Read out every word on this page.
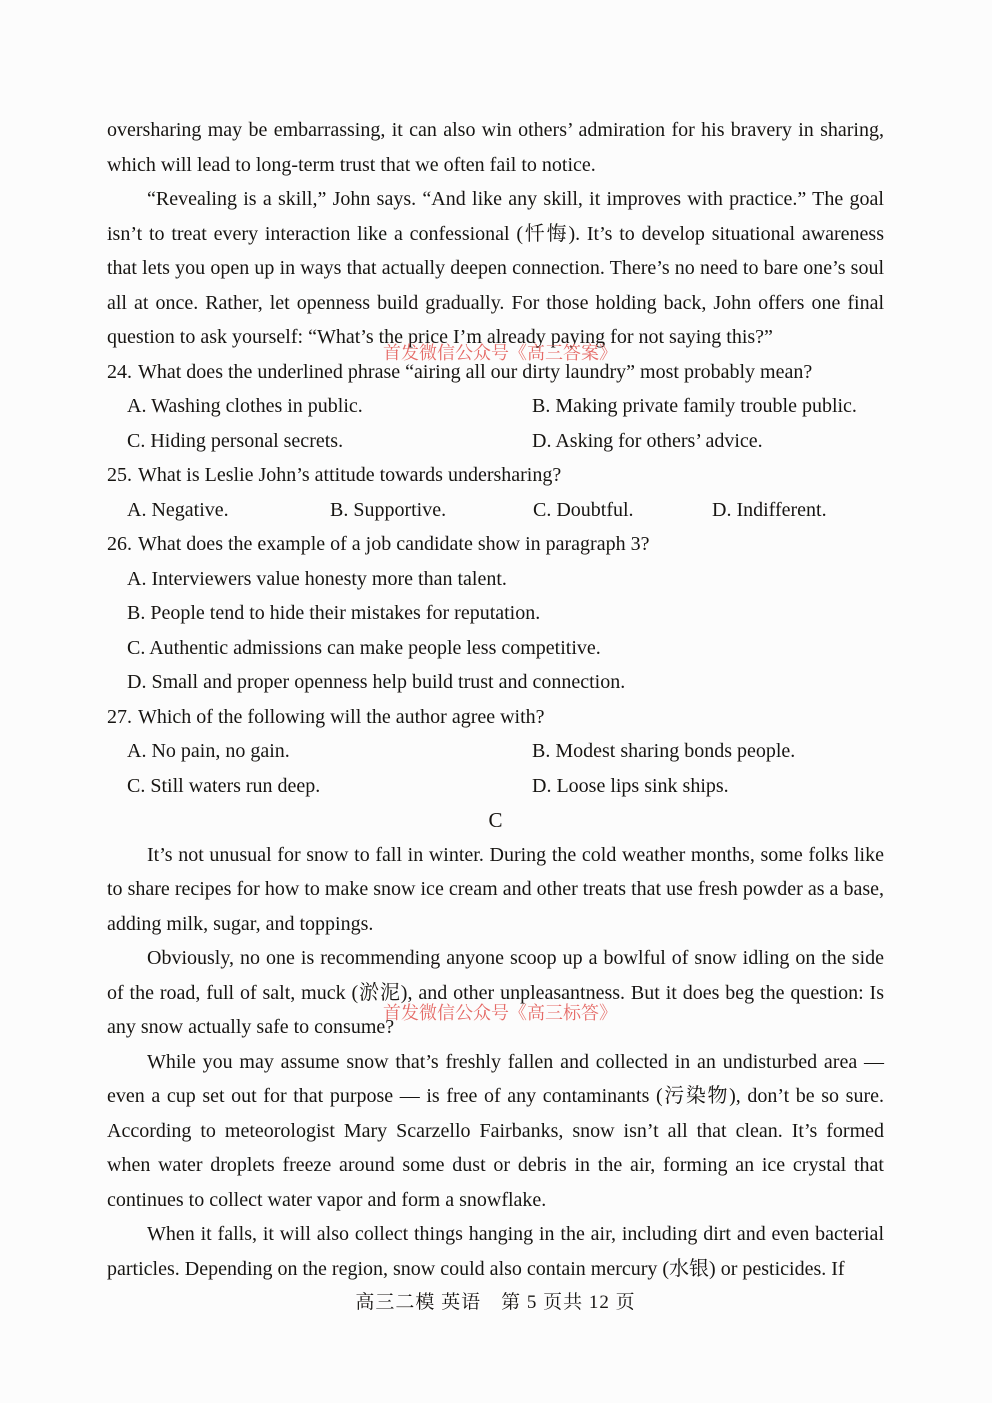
oversharing may be embarrassing, it can also win others’ admiration for his bravery in sharing, which will lead to long-term trust that we often fail to notice.

“Revealing is a skill,” John says. “And like any skill, it improves with practice.” The goal isn’t to treat every interaction like a confessional (忏悔). It’s to develop situational awareness that lets you open up in ways that actually deepen connection. There’s no need to bare one’s soul all at once. Rather, let openness build gradually. For those holding back, John offers one final question to ask yourself: “What’s the price I’m already paying for not saying this?”

24. What does the underlined phrase “airing all our dirty laundry” most probably mean?

A. Washing clothes in public.	B. Making private family trouble public.
C. Hiding personal secrets.	D. Asking for others’ advice.

25. What is Leslie John’s attitude towards undersharing?

A. Negative.	B. Supportive.	C. Doubtful.	D. Indifferent.

26. What does the example of a job candidate show in paragraph 3?

A. Interviewers value honesty more than talent.

B. People tend to hide their mistakes for reputation.

C. Authentic admissions can make people less competitive.

D. Small and proper openness help build trust and connection.

27. Which of the following will the author agree with?

A. No pain, no gain.	B. Modest sharing bonds people.
C. Still waters run deep.	D. Loose lips sink ships.

C

It’s not unusual for snow to fall in winter. During the cold weather months, some folks like to share recipes for how to make snow ice cream and other treats that use fresh powder as a base, adding milk, sugar, and toppings.

Obviously, no one is recommending anyone scoop up a bowlful of snow idling on the side of the road, full of salt, muck (淤泥), and other unpleasantness. But it does beg the question: Is any snow actually safe to consume?

While you may assume snow that’s freshly fallen and collected in an undisturbed area — even a cup set out for that purpose — is free of any contaminants (污染物), don’t be so sure. According to meteorologist Mary Scarzello Fairbanks, snow isn’t all that clean. It’s formed when water droplets freeze around some dust or debris in the air, forming an ice crystal that continues to collect water vapor and form a snowflake.

When it falls, it will also collect things hanging in the air, including dirt and even bacterial particles. Depending on the region, snow could also contain mercury (水银) or pesticides. If

高三二模 英语　第 5 页共 12 页
首发微信公众号《高三答案》
首发微信公众号《高三标答》
